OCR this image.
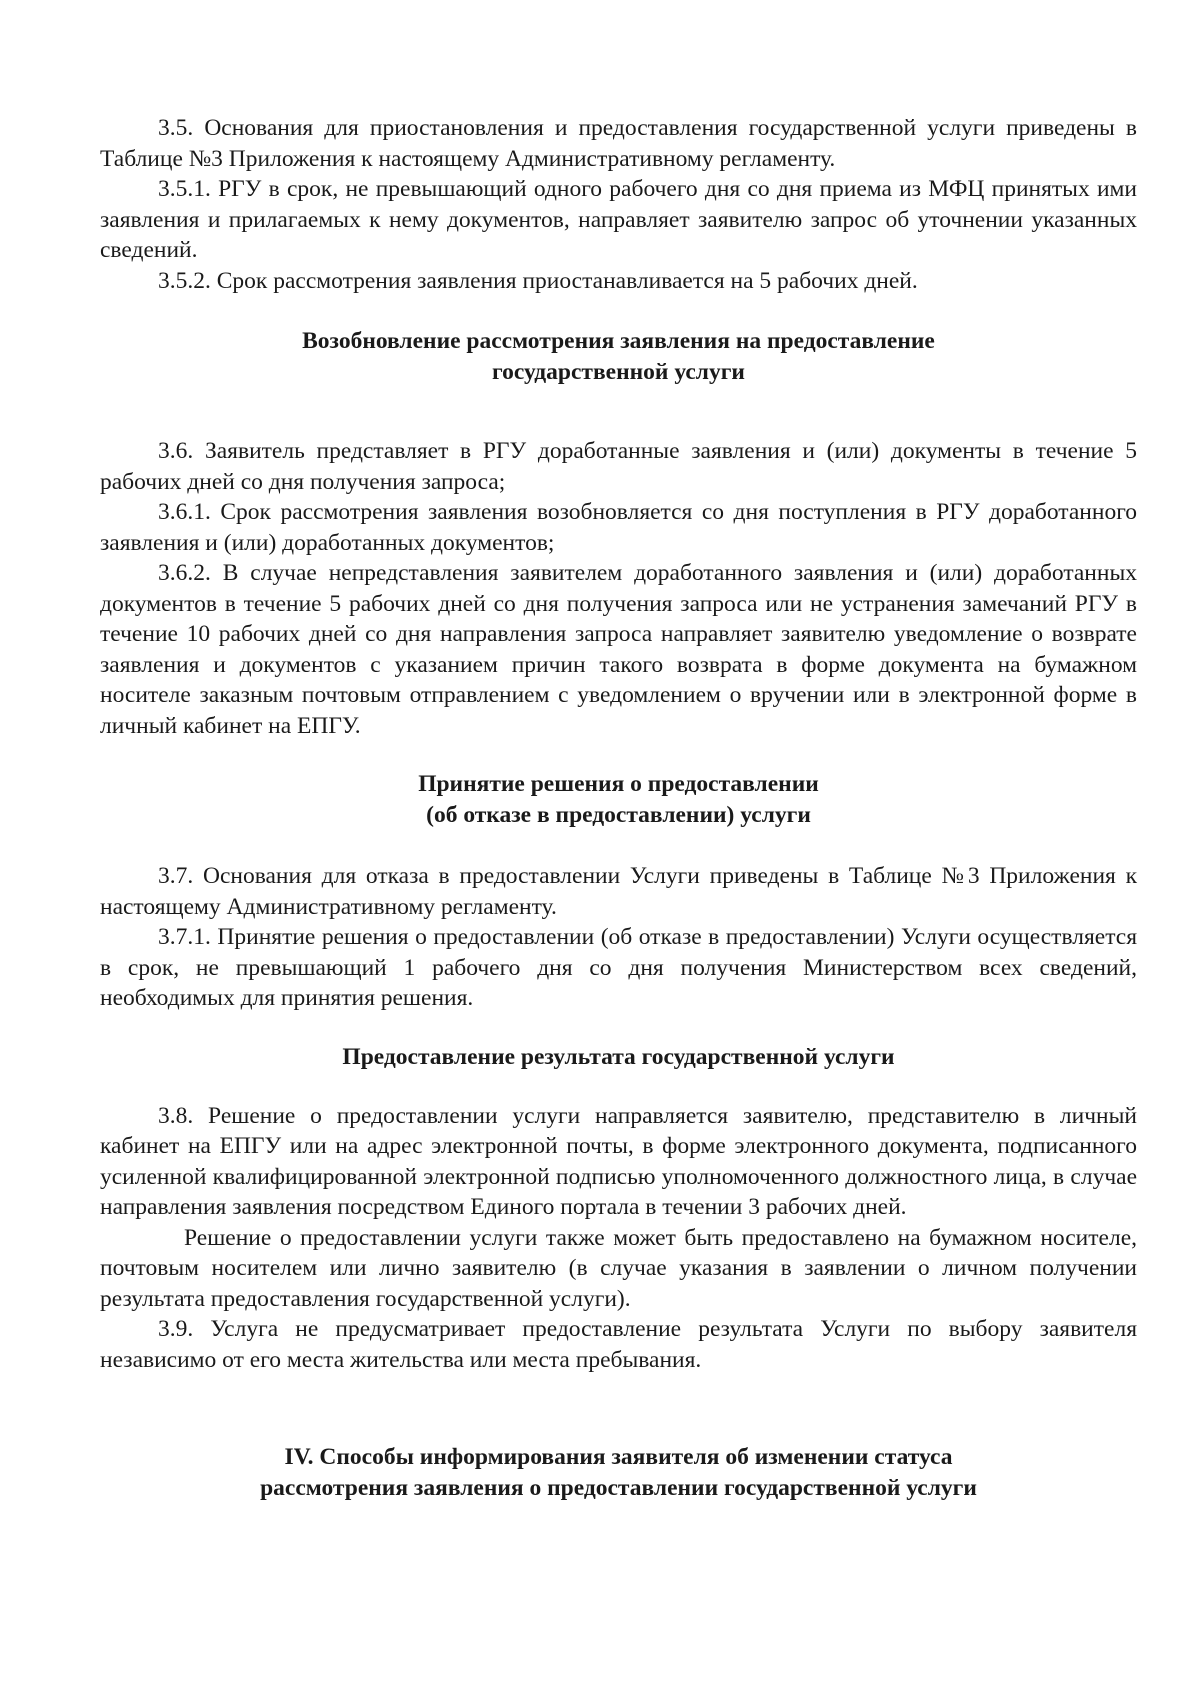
3.5. Основания для приостановления и предоставления государственной услуги приведены в Таблице №3 Приложения к настоящему Административному регламенту.

3.5.1. РГУ в срок, не превышающий одного рабочего дня со дня приема из МФЦ принятых ими заявления и прилагаемых к нему документов, направляет заявителю запрос об уточнении указанных сведений.

3.5.2. Срок рассмотрения заявления приостанавливается на 5 рабочих дней.

Возобновление рассмотрения заявления на предоставление
государственной услуги

3.6. Заявитель представляет в РГУ доработанные заявления и (или) документы в течение 5 рабочих дней со дня получения запроса;

3.6.1. Срок рассмотрения заявления возобновляется со дня поступления в РГУ доработанного заявления и (или) доработанных документов;

3.6.2. В случае непредставления заявителем доработанного заявления и (или) доработанных документов в течение 5 рабочих дней со дня получения запроса или не устранения замечаний РГУ в течение 10 рабочих дней со дня направления запроса направляет заявителю уведомление о возврате заявления и документов с указанием причин такого возврата в форме документа на бумажном носителе заказным почтовым отправлением с уведомлением о вручении или в электронной форме в личный кабинет на ЕПГУ.

Принятие решения о предоставлении
(об отказе в предоставлении) услуги

3.7. Основания для отказа в предоставлении Услуги приведены в Таблице №3 Приложения к настоящему Административному регламенту.

3.7.1. Принятие решения о предоставлении (об отказе в предоставлении) Услуги осуществляется в срок, не превышающий 1 рабочего дня со дня получения Министерством всех сведений, необходимых для принятия решения.

Предоставление результата государственной услуги

3.8. Решение о предоставлении услуги направляется заявителю, представителю в личный кабинет на ЕПГУ или на адрес электронной почты, в форме электронного документа, подписанного усиленной квалифицированной электронной подписью уполномоченного должностного лица, в случае направления заявления посредством Единого портала в течении 3 рабочих дней.

Решение о предоставлении услуги также может быть предоставлено на бумажном носителе, почтовым носителем или лично заявителю (в случае указания в заявлении о личном получении результата предоставления государственной услуги).

3.9. Услуга не предусматривает предоставление результата Услуги по выбору заявителя независимо от его места жительства или места пребывания.

IV. Способы информирования заявителя об изменении статуса
рассмотрения заявления о предоставлении государственной услуги
